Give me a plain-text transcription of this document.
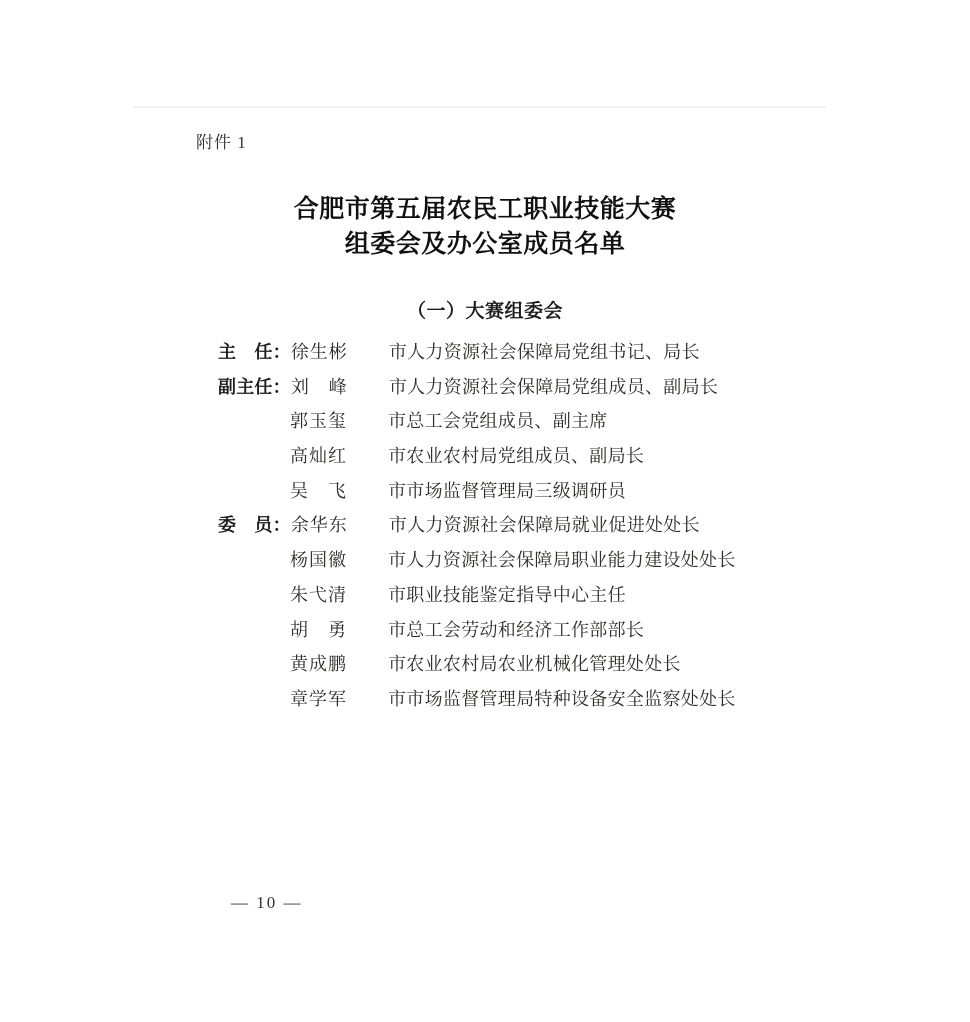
附件 1
合肥市第五届农民工职业技能大赛
组委会及办公室成员名单
（一）大赛组委会
主　任： 徐生彬	市人力资源社会保障局党组书记、局长
副主任： 刘　峰	市人力资源社会保障局党组成员、副局长
郭玉玺	市总工会党组成员、副主席
高灿红	市农业农村局党组成员、副局长
吴　飞	市市场监督管理局三级调研员
委　员： 余华东	市人力资源社会保障局就业促进处处长
杨国徽	市人力资源社会保障局职业能力建设处处长
朱弋清	市职业技能鉴定指导中心主任
胡　勇	市总工会劳动和经济工作部部长
黄成鹏	市农业农村局农业机械化管理处处长
章学军	市市场监督管理局特种设备安全监察处处长
— 10 —
